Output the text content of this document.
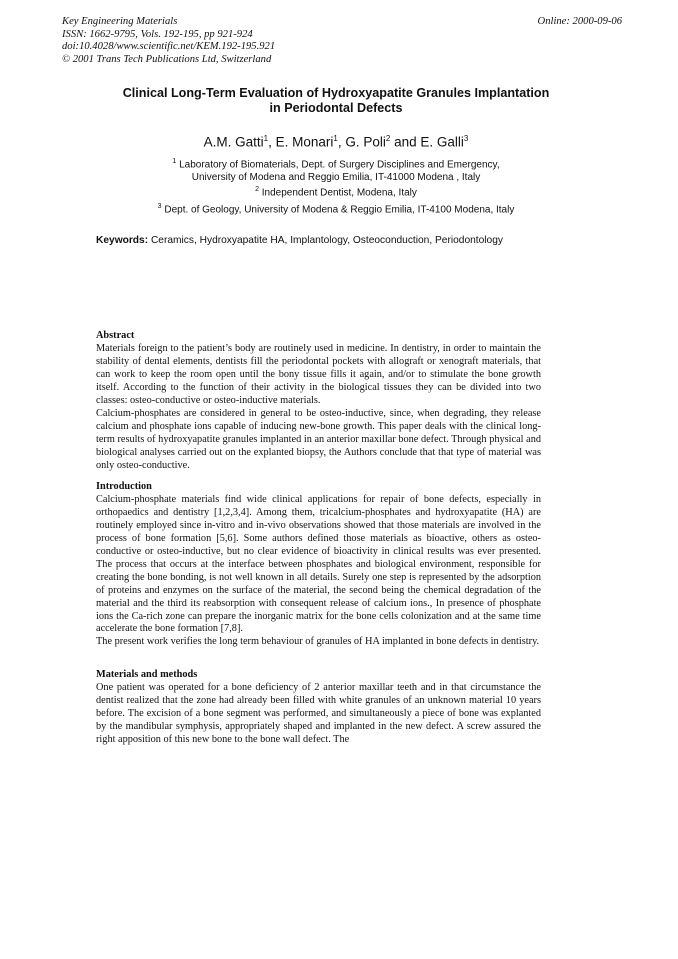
Key Engineering Materials
ISSN: 1662-9795, Vols. 192-195, pp 921-924
doi:10.4028/www.scientific.net/KEM.192-195.921
© 2001 Trans Tech Publications Ltd, Switzerland
Online: 2000-09-06
Clinical Long-Term Evaluation of Hydroxyapatite Granules Implantation
in Periodontal Defects
A.M. Gatti$^1$, E. Monari$^1$, G. Poli$^2$ and E. Galli$^3$
$^1$ Laboratory of Biomaterials, Dept. of Surgery Disciplines and Emergency,
University of Modena and Reggio Emilia, IT-41000 Modena , Italy
$^2$ Independent Dentist, Modena, Italy
$^3$ Dept. of Geology, University of Modena & Reggio Emilia, IT-4100 Modena, Italy
Keywords: Ceramics, Hydroxyapatite HA, Implantology, Osteoconduction, Periodontology
Abstract

Materials foreign to the patient’s body are routinely used in medicine. In dentistry, in order to maintain the stability of dental elements, dentists fill the periodontal pockets with allograft or xenograft materials, that can work to keep the room open until the bony tissue fills it again, and/or to stimulate the bone growth itself. According to the function of their activity in the biological tissues they can be divided into two classes: osteo-conductive or osteo-inductive materials.

Calcium-phosphates are considered in general to be osteo-inductive, since, when degrading, they release calcium and phosphate ions capable of inducing new-bone growth. This paper deals with the clinical long-term results of hydroxyapatite granules implanted in an anterior maxillar bone defect. Through physical and biological analyses carried out on the explanted biopsy, the Authors conclude that that type of material was only osteo-conductive.

Introduction

Calcium-phosphate materials find wide clinical applications for repair of bone defects, especially in orthopaedics and dentistry [1,2,3,4]. Among them, tricalcium-phosphates and hydroxyapatite (HA) are routinely employed since in-vitro and in-vivo observations showed that those materials are involved in the process of bone formation [5,6]. Some authors defined those materials as bioactive, others as osteo-conductive or osteo-inductive, but no clear evidence of bioactivity in clinical results was ever presented. The process that occurs at the interface between phosphates and biological environment, responsible for creating the bone bonding, is not well known in all details. Surely one step is represented by the adsorption of proteins and enzymes on the surface of the material, the second being the chemical degradation of the material and the third its reabsorption with consequent release of calcium ions., In presence of phosphate ions the Ca-rich zone can prepare the inorganic matrix for the bone cells colonization and at the same time accelerate the bone formation [7,8].

The present work verifies the long term behaviour of granules of HA implanted in bone defects in dentistry.

Materials and methods

One patient was operated for a bone deficiency of 2 anterior maxillar teeth and in that circumstance the dentist realized that the zone had already been filled with white granules of an unknown material 10 years before. The excision of a bone segment was performed, and simultaneously a piece of bone was explanted by the mandibular symphysis, appropriately shaped and implanted in the new defect. A screw assured the right apposition of this new bone to the bone wall defect. The
